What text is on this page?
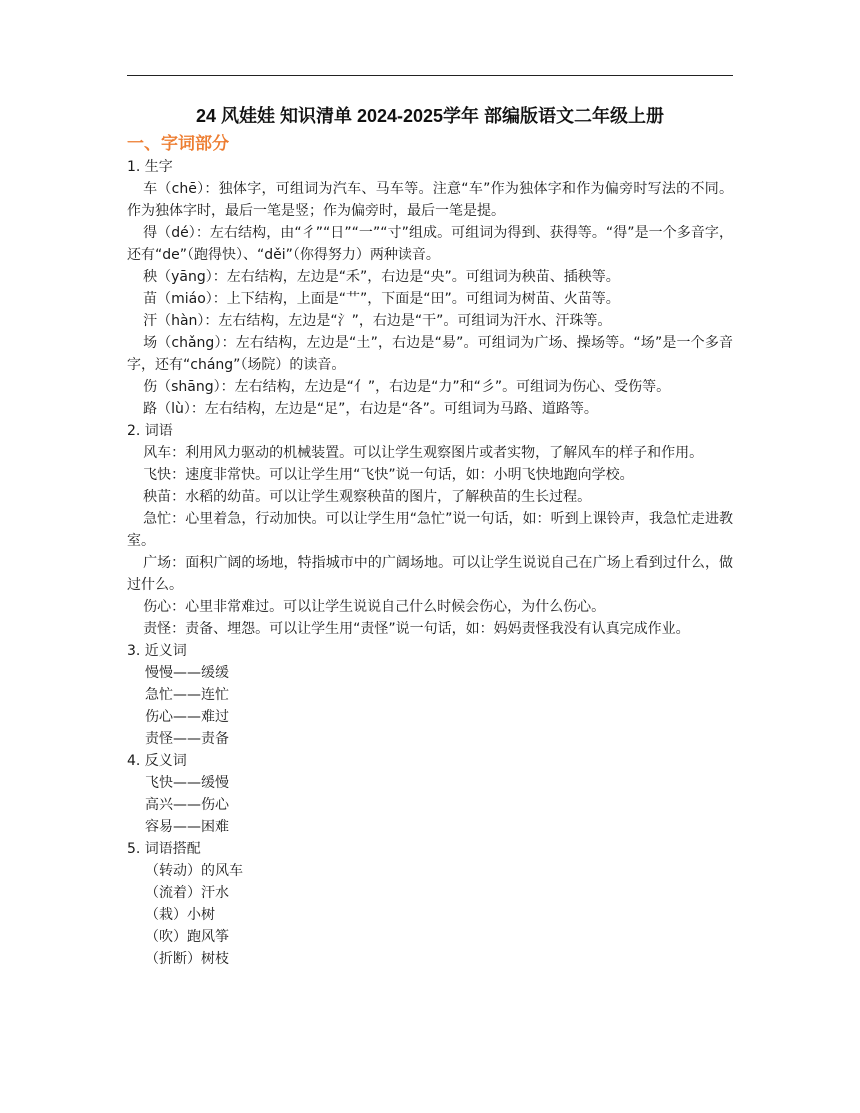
24 风娃娃 知识清单 2024-2025学年 部编版语文二年级上册
一、字词部分

1. 生字

车（chē）：独体字，可组词为汽车、马车等。注意“车”作为独体字和作为偏旁时写法的不同。作为独体字时，最后一笔是竖；作为偏旁时，最后一笔是提。

得（dé）：左右结构，由“彳”“日”“一”“寸”组成。可组词为得到、获得等。“得”是一个多音字，还有“de”（跑得快）、“děi”（你得努力）两种读音。

秧（yāng）：左右结构，左边是“禾”，右边是“央”。可组词为秧苗、插秧等。

苗（miáo）：上下结构，上面是“艹”，下面是“田”。可组词为树苗、火苗等。

汗（hàn）：左右结构，左边是“氵”，右边是“干”。可组词为汗水、汗珠等。

场（chǎng）：左右结构，左边是“土”，右边是“昜”。可组词为广场、操场等。“场”是一个多音字，还有“cháng”（场院）的读音。

伤（shāng）：左右结构，左边是“亻”，右边是“力”和“彡”。可组词为伤心、受伤等。

路（lù）：左右结构，左边是“足”，右边是“各”。可组词为马路、道路等。

2. 词语

风车：利用风力驱动的机械装置。可以让学生观察图片或者实物，了解风车的样子和作用。

飞快：速度非常快。可以让学生用“飞快”说一句话，如：小明飞快地跑向学校。

秧苗：水稻的幼苗。可以让学生观察秧苗的图片，了解秧苗的生长过程。

急忙：心里着急，行动加快。可以让学生用“急忙”说一句话，如：听到上课铃声，我急忙走进教室。

广场：面积广阔的场地，特指城市中的广阔场地。可以让学生说说自己在广场上看到过什么，做过什么。

伤心：心里非常难过。可以让学生说说自己什么时候会伤心，为什么伤心。

责怪：责备、埋怨。可以让学生用“责怪”说一句话，如：妈妈责怪我没有认真完成作业。

3. 近义词

慢慢——缓缓

急忙——连忙

伤心——难过

责怪——责备

4. 反义词

飞快——缓慢

高兴——伤心

容易——困难

5. 词语搭配

（转动）的风车

（流着）汗水

（栽）小树

（吹）跑风筝

（折断）树枝
